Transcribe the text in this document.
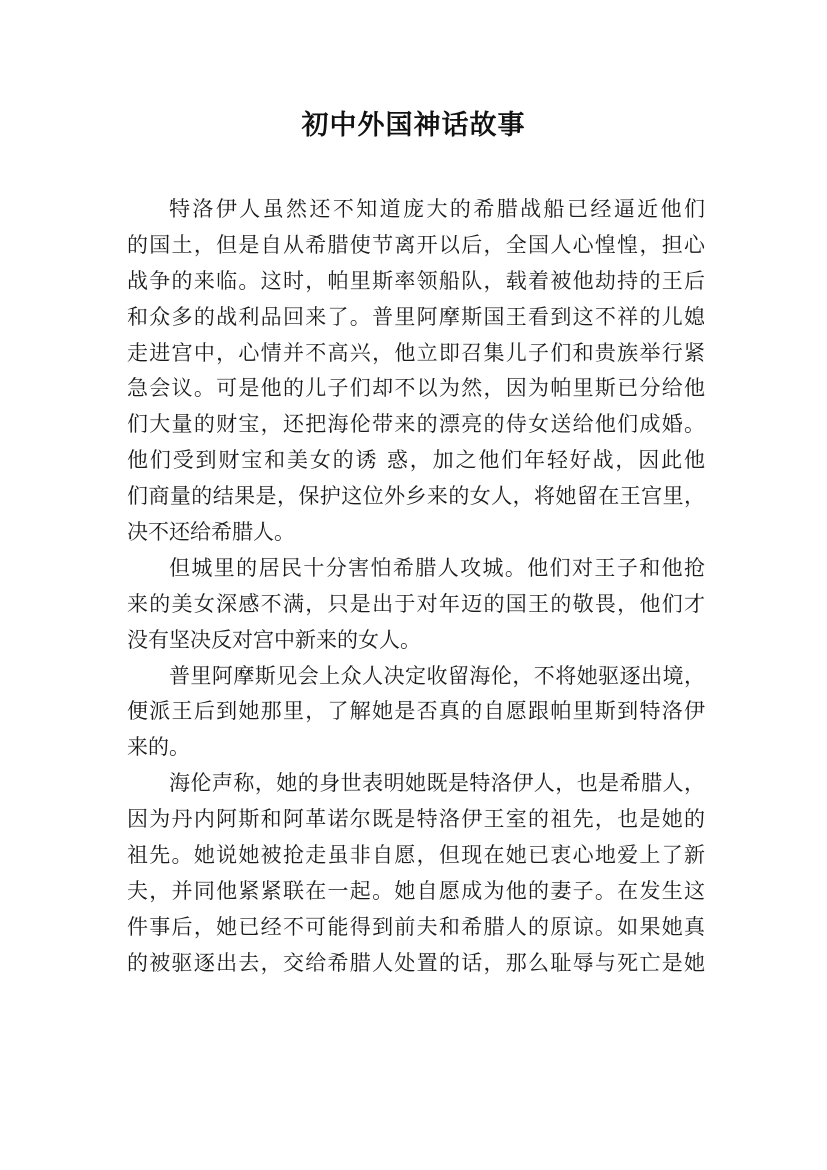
初中外国神话故事
特洛伊人虽然还不知道庞大的希腊战船已经逼近他们
的国土，但是自从希腊使节离开以后，全国人心惶惶，担心
战争的来临。这时，帕里斯率领船队，载着被他劫持的王后
和众多的战利品回来了。普里阿摩斯国王看到这不祥的儿媳
走进宫中，心情并不高兴，他立即召集儿子们和贵族举行紧
急会议。可是他的儿子们却不以为然，因为帕里斯已分给他
们大量的财宝，还把海伦带来的漂亮的侍女送给他们成婚。
他们受到财宝和美女的诱 惑，加之他们年轻好战，因此他
们商量的结果是，保护这位外乡来的女人，将她留在王宫里，
决不还给希腊人。
但城里的居民十分害怕希腊人攻城。他们对王子和他抢
来的美女深感不满，只是出于对年迈的国王的敬畏，他们才
没有坚决反对宫中新来的女人。
普里阿摩斯见会上众人决定收留海伦，不将她驱逐出境，
便派王后到她那里，了解她是否真的自愿跟帕里斯到特洛伊
来的。
海伦声称，她的身世表明她既是特洛伊人，也是希腊人，
因为丹内阿斯和阿革诺尔既是特洛伊王室的祖先，也是她的
祖先。她说她被抢走虽非自愿，但现在她已衷心地爱上了新
夫，并同他紧紧联在一起。她自愿成为他的妻子。在发生这
件事后，她已经不可能得到前夫和希腊人的原谅。如果她真
的被驱逐出去，交给希腊人处置的话，那么耻辱与死亡是她
